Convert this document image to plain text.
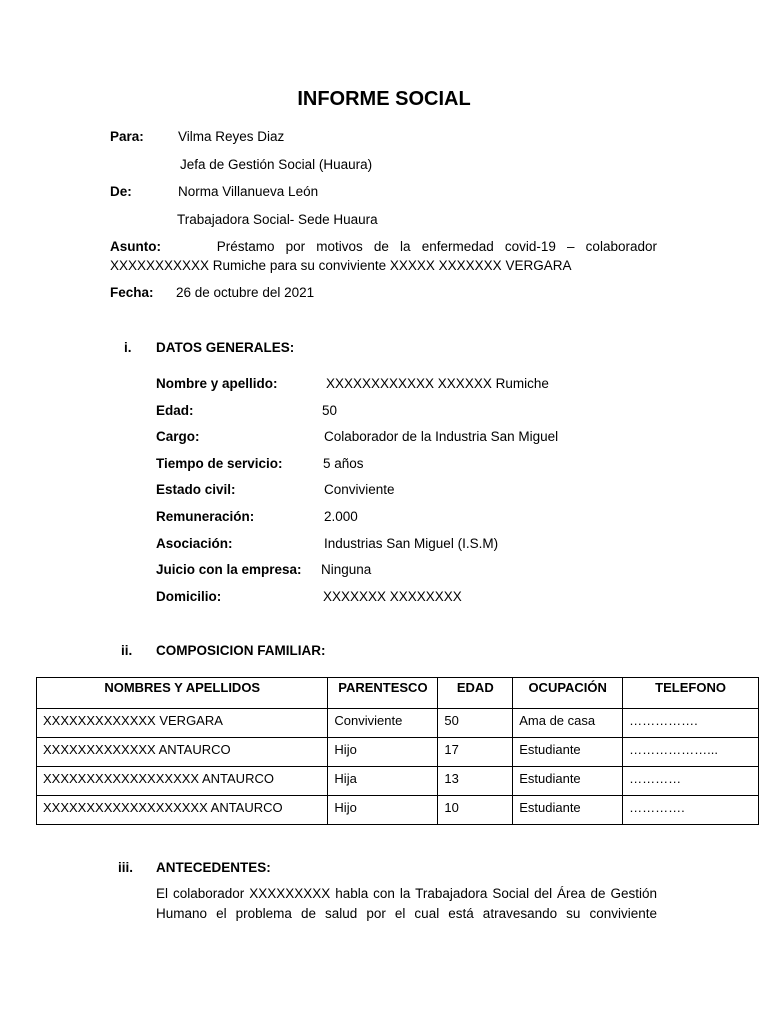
INFORME SOCIAL
Para:	Vilma Reyes Diaz
Jefa de Gestión Social (Huaura)
De:	Norma Villanueva León
Trabajadora Social- Sede Huaura
Asunto:	Préstamo por motivos de la enfermedad covid-19 – colaborador
XXXXXXXXXXX Rumiche para su conviviente XXXXX XXXXXXX VERGARA
Fecha: 26 de octubre del 2021
i. DATOS GENERALES:
Nombre y apellido:	XXXXXXXXXXXX XXXXXX Rumiche
Edad:	50
Cargo:	Colaborador de la Industria San Miguel
Tiempo de servicio:	5 años
Estado civil:	Conviviente
Remuneración:	2.000
Asociación:	Industrias San Miguel (I.S.M)
Juicio con la empresa: Ninguna
Domicilio:	XXXXXXX XXXXXXXX
ii. COMPOSICION FAMILIAR:
NOMBRES Y APELLIDOS	PARENTESCO	EDAD	OCUPACIÓN	TELEFONO
XXXXXXXXXXXXX VERGARA	Conviviente	50	Ama de casa	…………….
XXXXXXXXXXXXX ANTAURCO	Hijo	17	Estudiante	………………...
XXXXXXXXXXXXXXXXXX ANTAURCO	Hija	13	Estudiante	…………
XXXXXXXXXXXXXXXXXXX ANTAURCO	Hijo	10	Estudiante	………….
iii. ANTECEDENTES:
El colaborador XXXXXXXXX habla con la Trabajadora Social del Área de Gestión
Humano el problema de salud por el cual está atravesando su conviviente
